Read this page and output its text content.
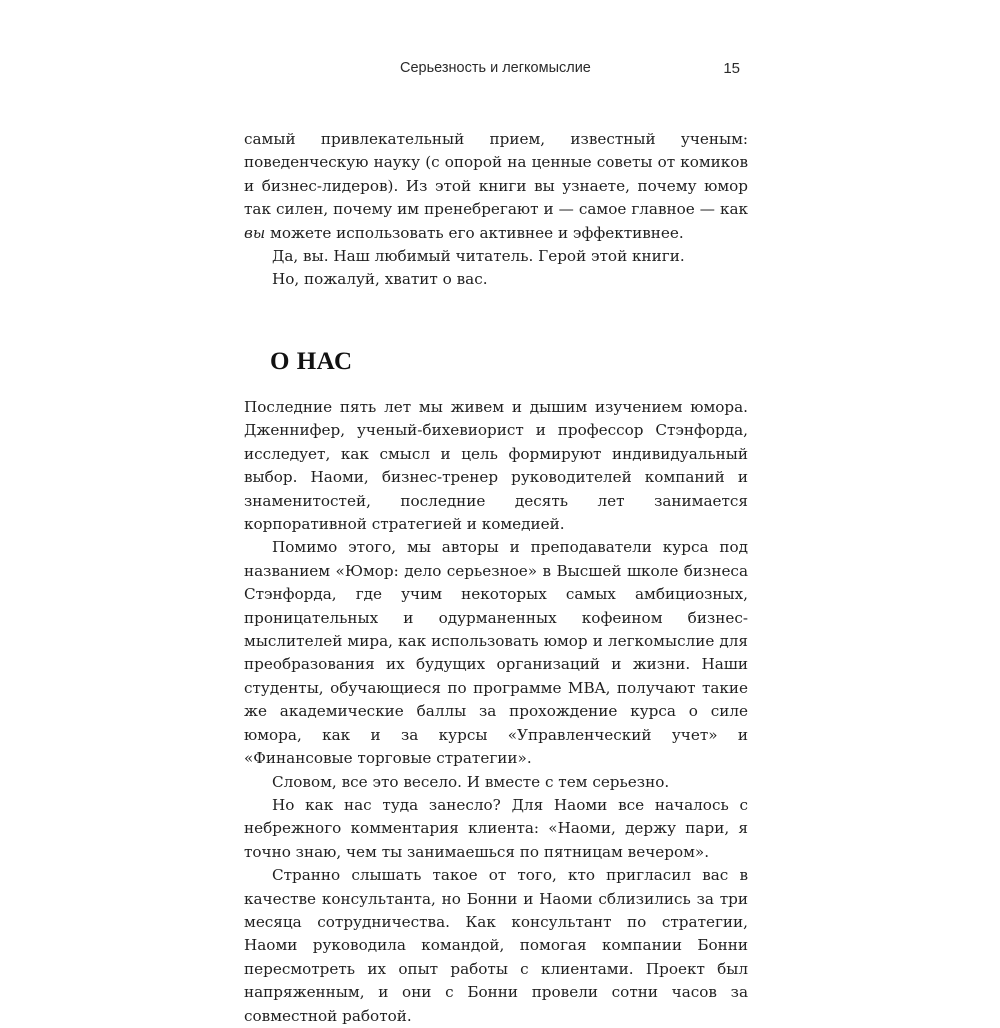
Серьезность и легкомыслие	15

самый привлекательный прием, известный ученым: поведенческую науку (с опорой на ценные советы от комиков и бизнес-лидеров). Из этой книги вы узнаете, почему юмор так силен, почему им пренебрегают и — самое главное — как вы можете использовать его активнее и эффективнее.

Да, вы. Наш любимый читатель. Герой этой книги.

Но, пожалуй, хватит о вас.

О НАС

Последние пять лет мы живем и дышим изучением юмора. Дженнифер, ученый-бихевиорист и профессор Стэнфорда, исследует, как смысл и цель формируют индивидуальный выбор. Наоми, бизнес-тренер руководителей компаний и знаменитостей, последние десять лет занимается корпоративной стратегией и комедией.

Помимо этого, мы авторы и преподаватели курса под названием «Юмор: дело серьезное» в Высшей школе бизнеса Стэнфорда, где учим некоторых самых амбициозных, проницательных и одурманенных кофеином бизнес-мыслителей мира, как использовать юмор и легкомыслие для преобразования их будущих организаций и жизни. Наши студенты, обучающиеся по программе MBA, получают такие же академические баллы за прохождение курса о силе юмора, как и за курсы «Управленческий учет» и «Финансовые торговые стратегии».

Словом, все это весело. И вместе с тем серьезно.

Но как нас туда занесло? Для Наоми все началось с небрежного комментария клиента: «Наоми, держу пари, я точно знаю, чем ты занимаешься по пятницам вечером».

Странно слышать такое от того, кто пригласил вас в качестве консультанта, но Бонни и Наоми сблизились за три месяца сотрудничества. Как консультант по стратегии, Наоми руководила командой, помогая компании Бонни пересмотреть их опыт работы с клиентами. Проект был напряженным, и они с Бонни провели сотни часов за совместной работой.
